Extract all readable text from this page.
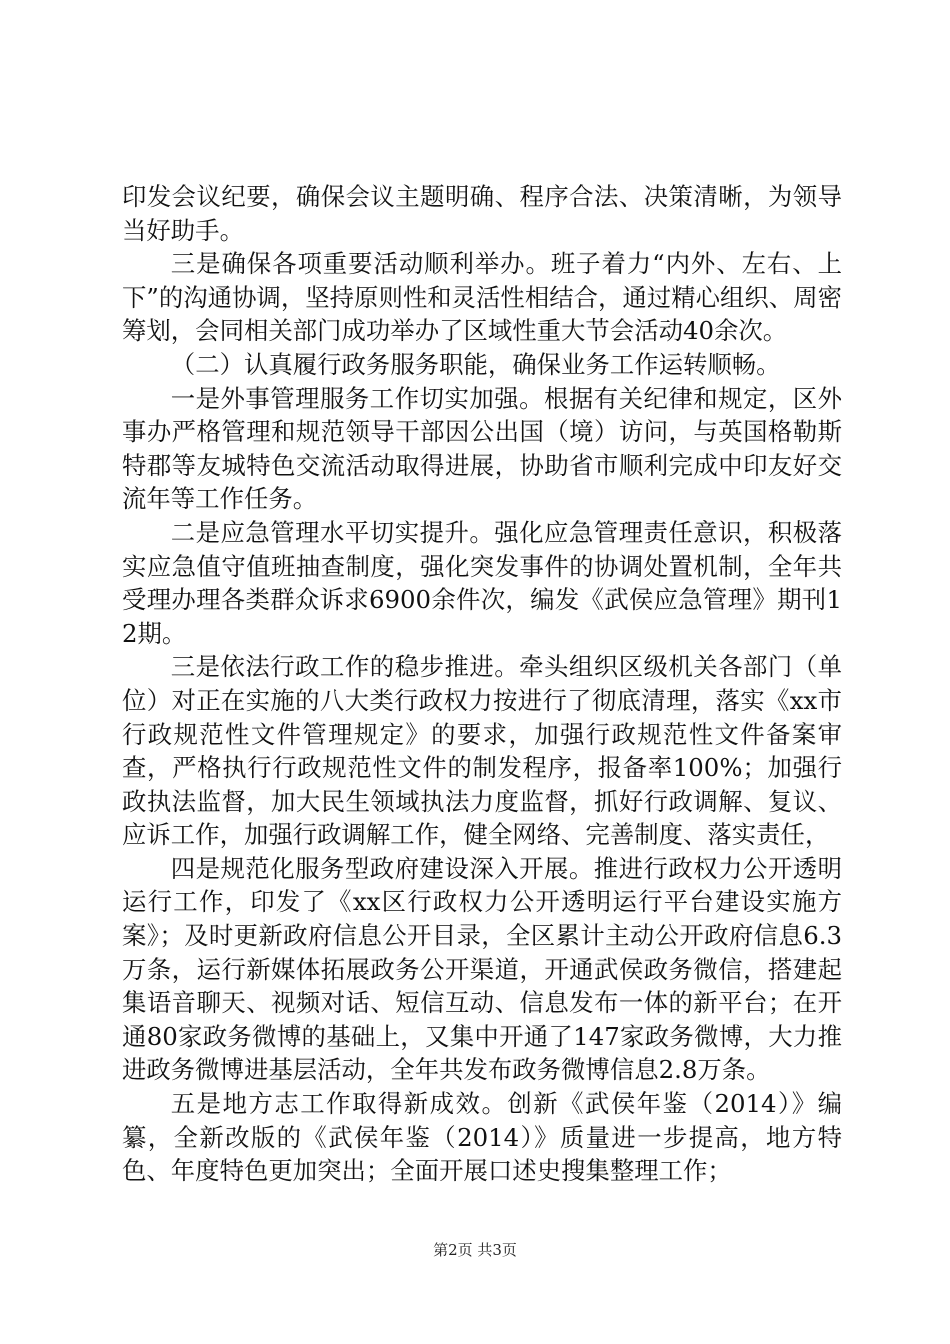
印发会议纪要，确保会议主题明确、程序合法、决策清晰，为领导当好助手。

三是确保各项重要活动顺利举办。班子着力“内外、左右、上下”的沟通协调，坚持原则性和灵活性相结合，通过精心组织、周密筹划，会同相关部门成功举办了区域性重大节会活动40余次。

（二）认真履行政务服务职能，确保业务工作运转顺畅。

一是外事管理服务工作切实加强。根据有关纪律和规定，区外事办严格管理和规范领导干部因公出国（境）访问，与英国格勒斯特郡等友城特色交流活动取得进展，协助省市顺利完成中印友好交流年等工作任务。

二是应急管理水平切实提升。强化应急管理责任意识，积极落实应急值守值班抽查制度，强化突发事件的协调处置机制，全年共受理办理各类群众诉求6900余件次，编发《武侯应急管理》期刊12期。

三是依法行政工作的稳步推进。牵头组织区级机关各部门（单位）对正在实施的八大类行政权力按进行了彻底清理，落实《xx市行政规范性文件管理规定》的要求，加强行政规范性文件备案审查，严格执行行政规范性文件的制发程序，报备率100%；加强行政执法监督，加大民生领域执法力度监督，抓好行政调解、复议、应诉工作，加强行政调解工作，健全网络、完善制度、落实责任，

四是规范化服务型政府建设深入开展。推进行政权力公开透明运行工作，印发了《xx区行政权力公开透明运行平台建设实施方案》；及时更新政府信息公开目录，全区累计主动公开政府信息6.3万条，运行新媒体拓展政务公开渠道，开通武侯政务微信，搭建起集语音聊天、视频对话、短信互动、信息发布一体的新平台；在开通80家政务微博的基础上，又集中开通了147家政务微博，大力推进政务微博进基层活动，全年共发布政务微博信息2.8万条。

五是地方志工作取得新成效。创新《武侯年鉴（2014）》编纂，全新改版的《武侯年鉴（2014）》质量进一步提高，地方特色、年度特色更加突出；全面开展口述史搜集整理工作；

第2页 共3页
